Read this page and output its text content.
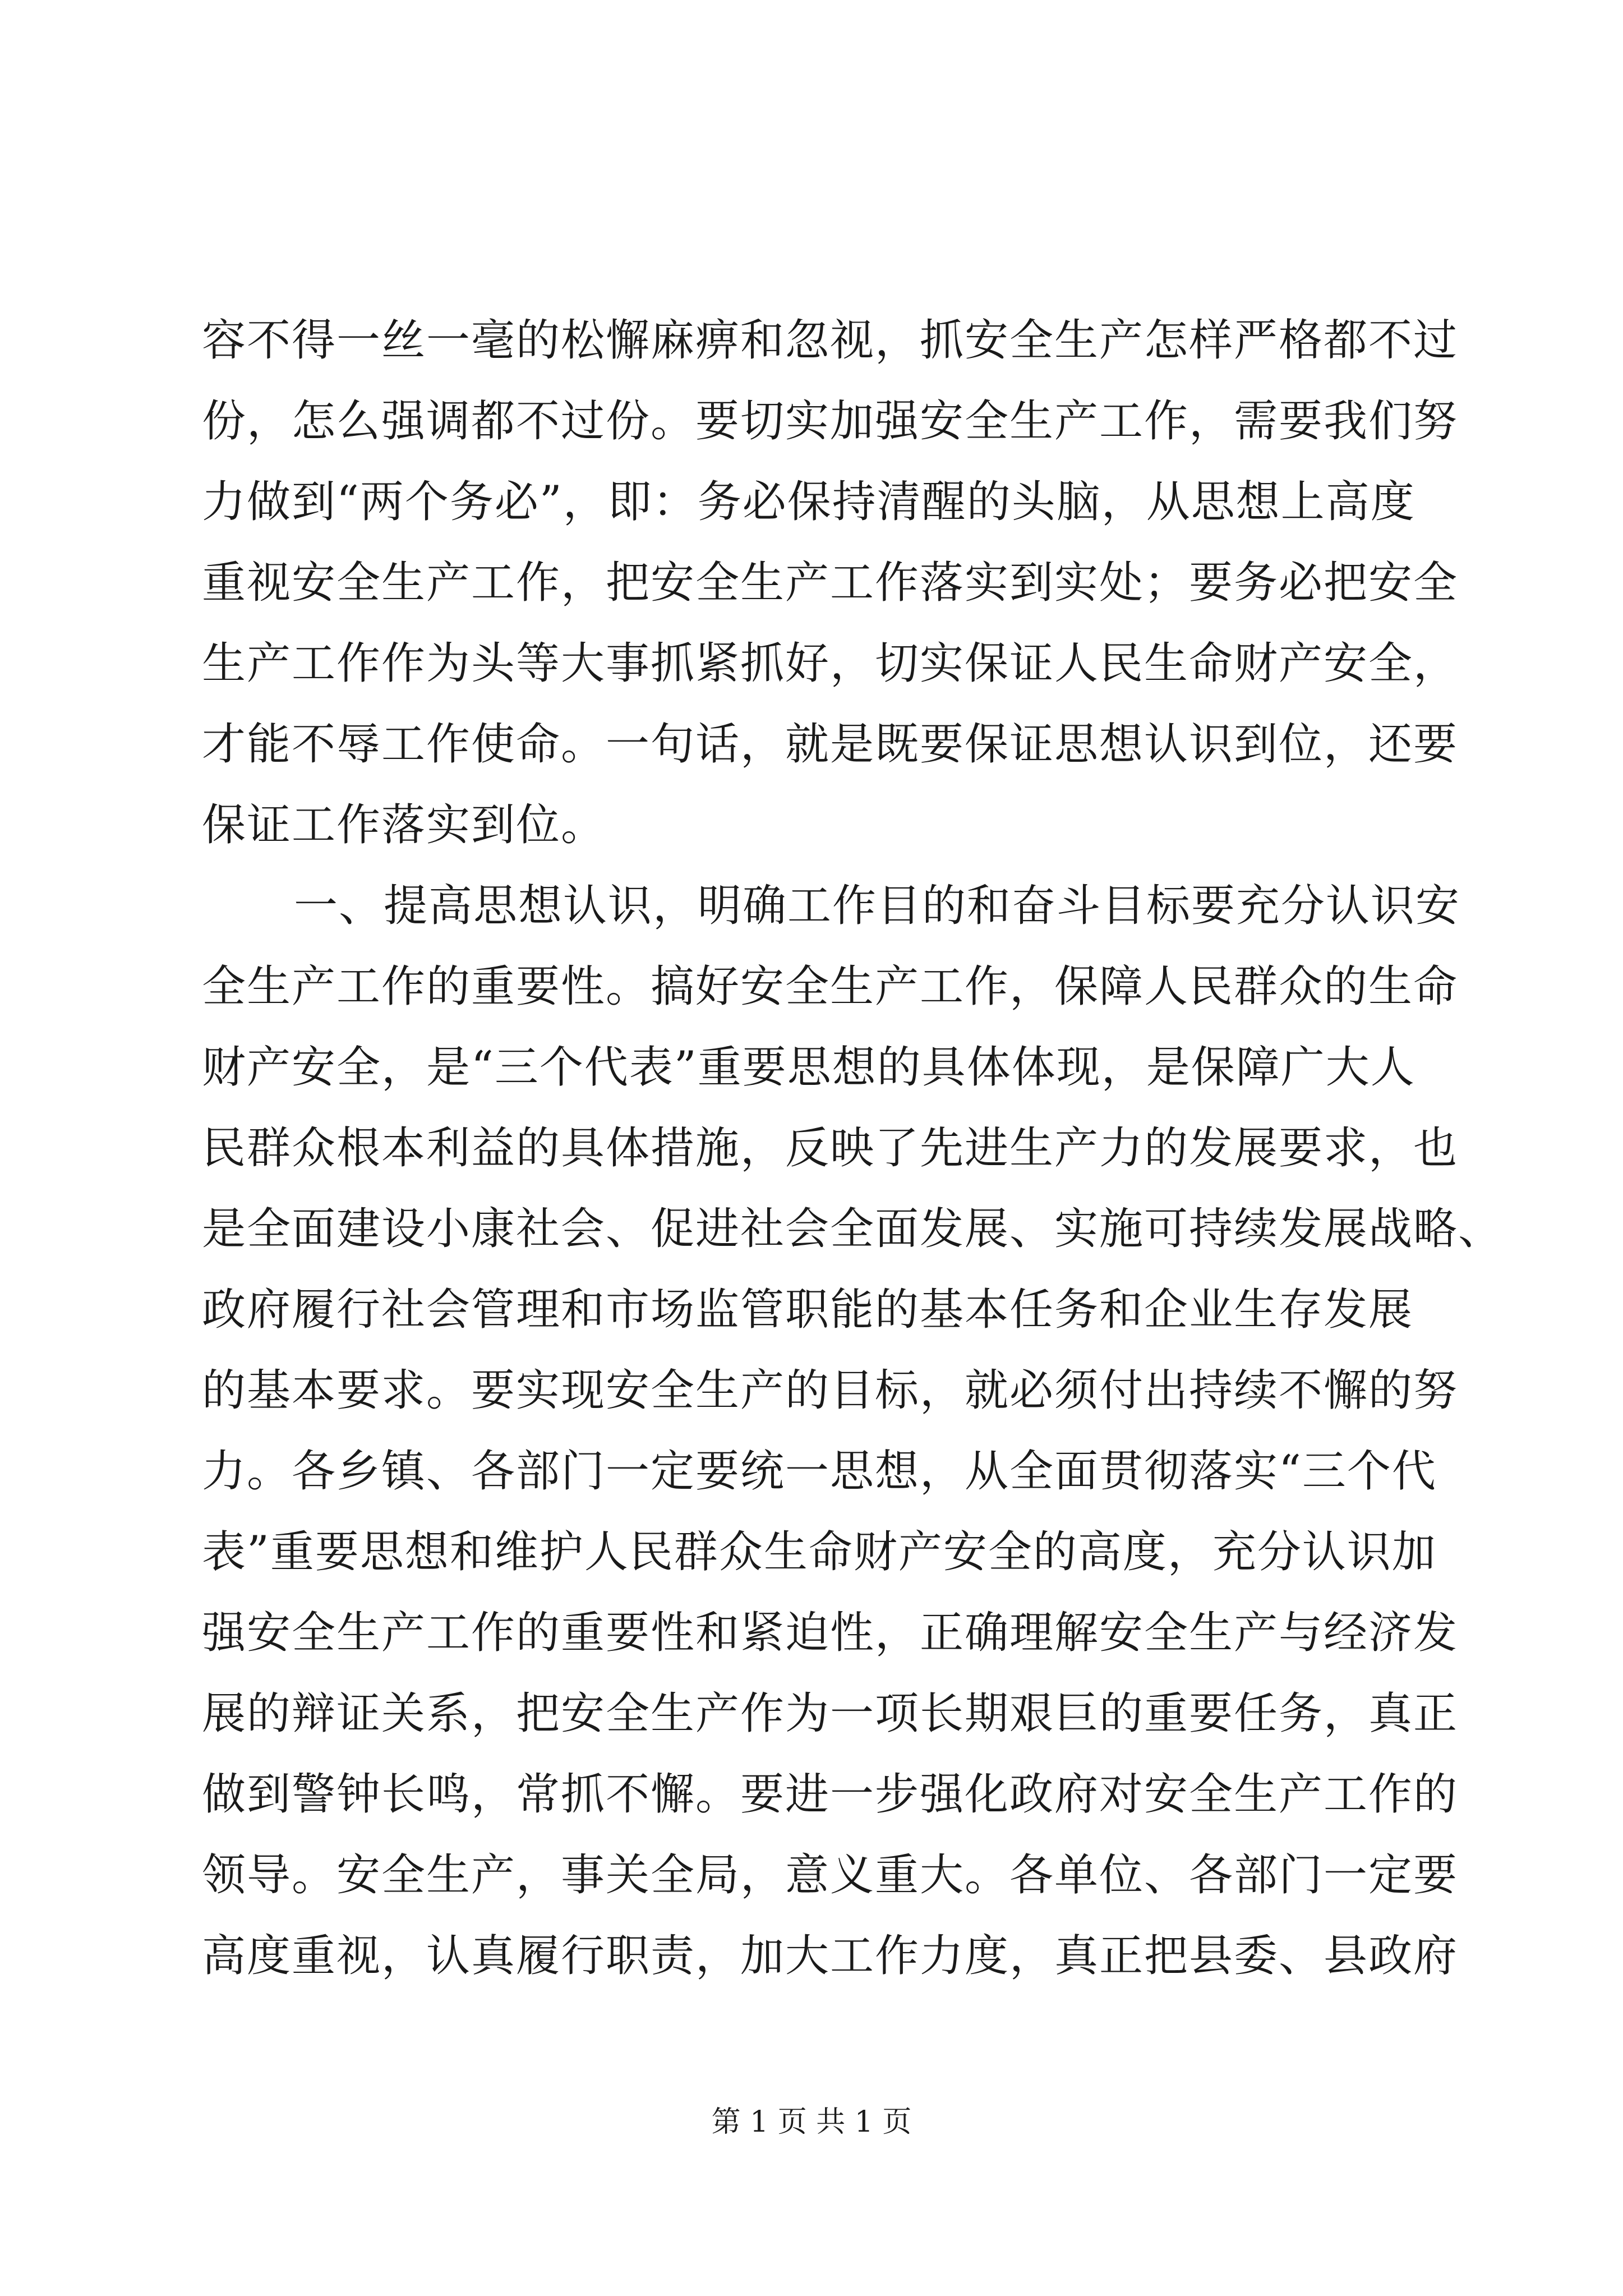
容不得一丝一毫的松懈麻痹和忽视，抓安全生产怎样严格都不过
份，怎么强调都不过份。要切实加强安全生产工作，需要我们努
力做到“两个务必”，即：务必保持清醒的头脑，从思想上高度
重视安全生产工作，把安全生产工作落实到实处；要务必把安全
生产工作作为头等大事抓紧抓好，切实保证人民生命财产安全，
才能不辱工作使命。一句话，就是既要保证思想认识到位，还要
保证工作落实到位。
一、提高思想认识，明确工作目的和奋斗目标要充分认识安
全生产工作的重要性。搞好安全生产工作，保障人民群众的生命
财产安全，是“三个代表”重要思想的具体体现，是保障广大人
民群众根本利益的具体措施，反映了先进生产力的发展要求，也
是全面建设小康社会、促进社会全面发展、实施可持续发展战略、
政府履行社会管理和市场监管职能的基本任务和企业生存发展
的基本要求。要实现安全生产的目标，就必须付出持续不懈的努
力。各乡镇、各部门一定要统一思想，从全面贯彻落实“三个代
表”重要思想和维护人民群众生命财产安全的高度，充分认识加
强安全生产工作的重要性和紧迫性，正确理解安全生产与经济发
展的辩证关系，把安全生产作为一项长期艰巨的重要任务，真正
做到警钟长鸣，常抓不懈。要进一步强化政府对安全生产工作的
领导。安全生产，事关全局，意义重大。各单位、各部门一定要
高度重视，认真履行职责，加大工作力度，真正把县委、县政府
第 1 页 共 1 页
